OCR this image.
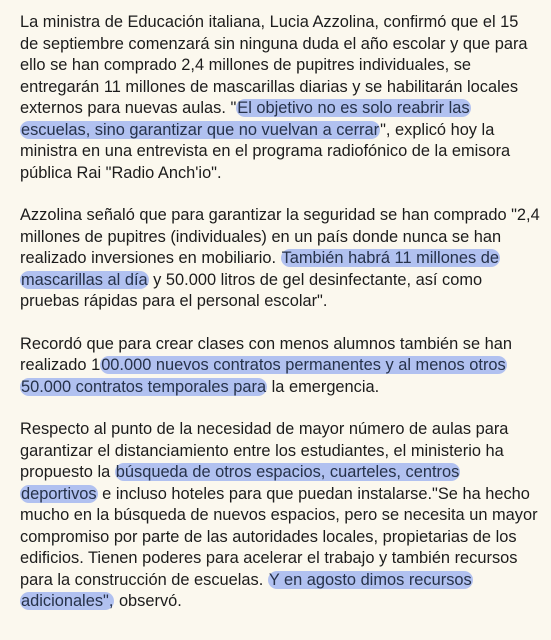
La ministra de Educación italiana, Lucia Azzolina, confirmó que el 15 de septiembre comenzará sin ninguna duda el año escolar y que para ello se han comprado 2,4 millones de pupitres individuales, se entregarán 11 millones de mascarillas diarias y se habilitarán locales externos para nuevas aulas. "El objetivo no es solo reabrir las escuelas, sino garantizar que no vuelvan a cerrar", explicó hoy la ministra en una entrevista en el programa radiofónico de la emisora pública Rai "Radio Anch'io".

Azzolina señaló que para garantizar la seguridad se han comprado "2,4 millones de pupitres (individuales) en un país donde nunca se han realizado inversiones en mobiliario. También habrá 11 millones de mascarillas al día y 50.000 litros de gel desinfectante, así como pruebas rápidas para el personal escolar".

Recordó que para crear clases con menos alumnos también se han realizado 100.000 nuevos contratos permanentes y al menos otros 50.000 contratos temporales para la emergencia.

Respecto al punto de la necesidad de mayor número de aulas para garantizar el distanciamiento entre los estudiantes, el ministerio ha propuesto la búsqueda de otros espacios, cuarteles, centros deportivos e incluso hoteles para que puedan instalarse."Se ha hecho mucho en la búsqueda de nuevos espacios, pero se necesita un mayor compromiso por parte de las autoridades locales, propietarias de los edificios. Tienen poderes para acelerar el trabajo y también recursos para la construcción de escuelas. Y en agosto dimos recursos adicionales", observó.
